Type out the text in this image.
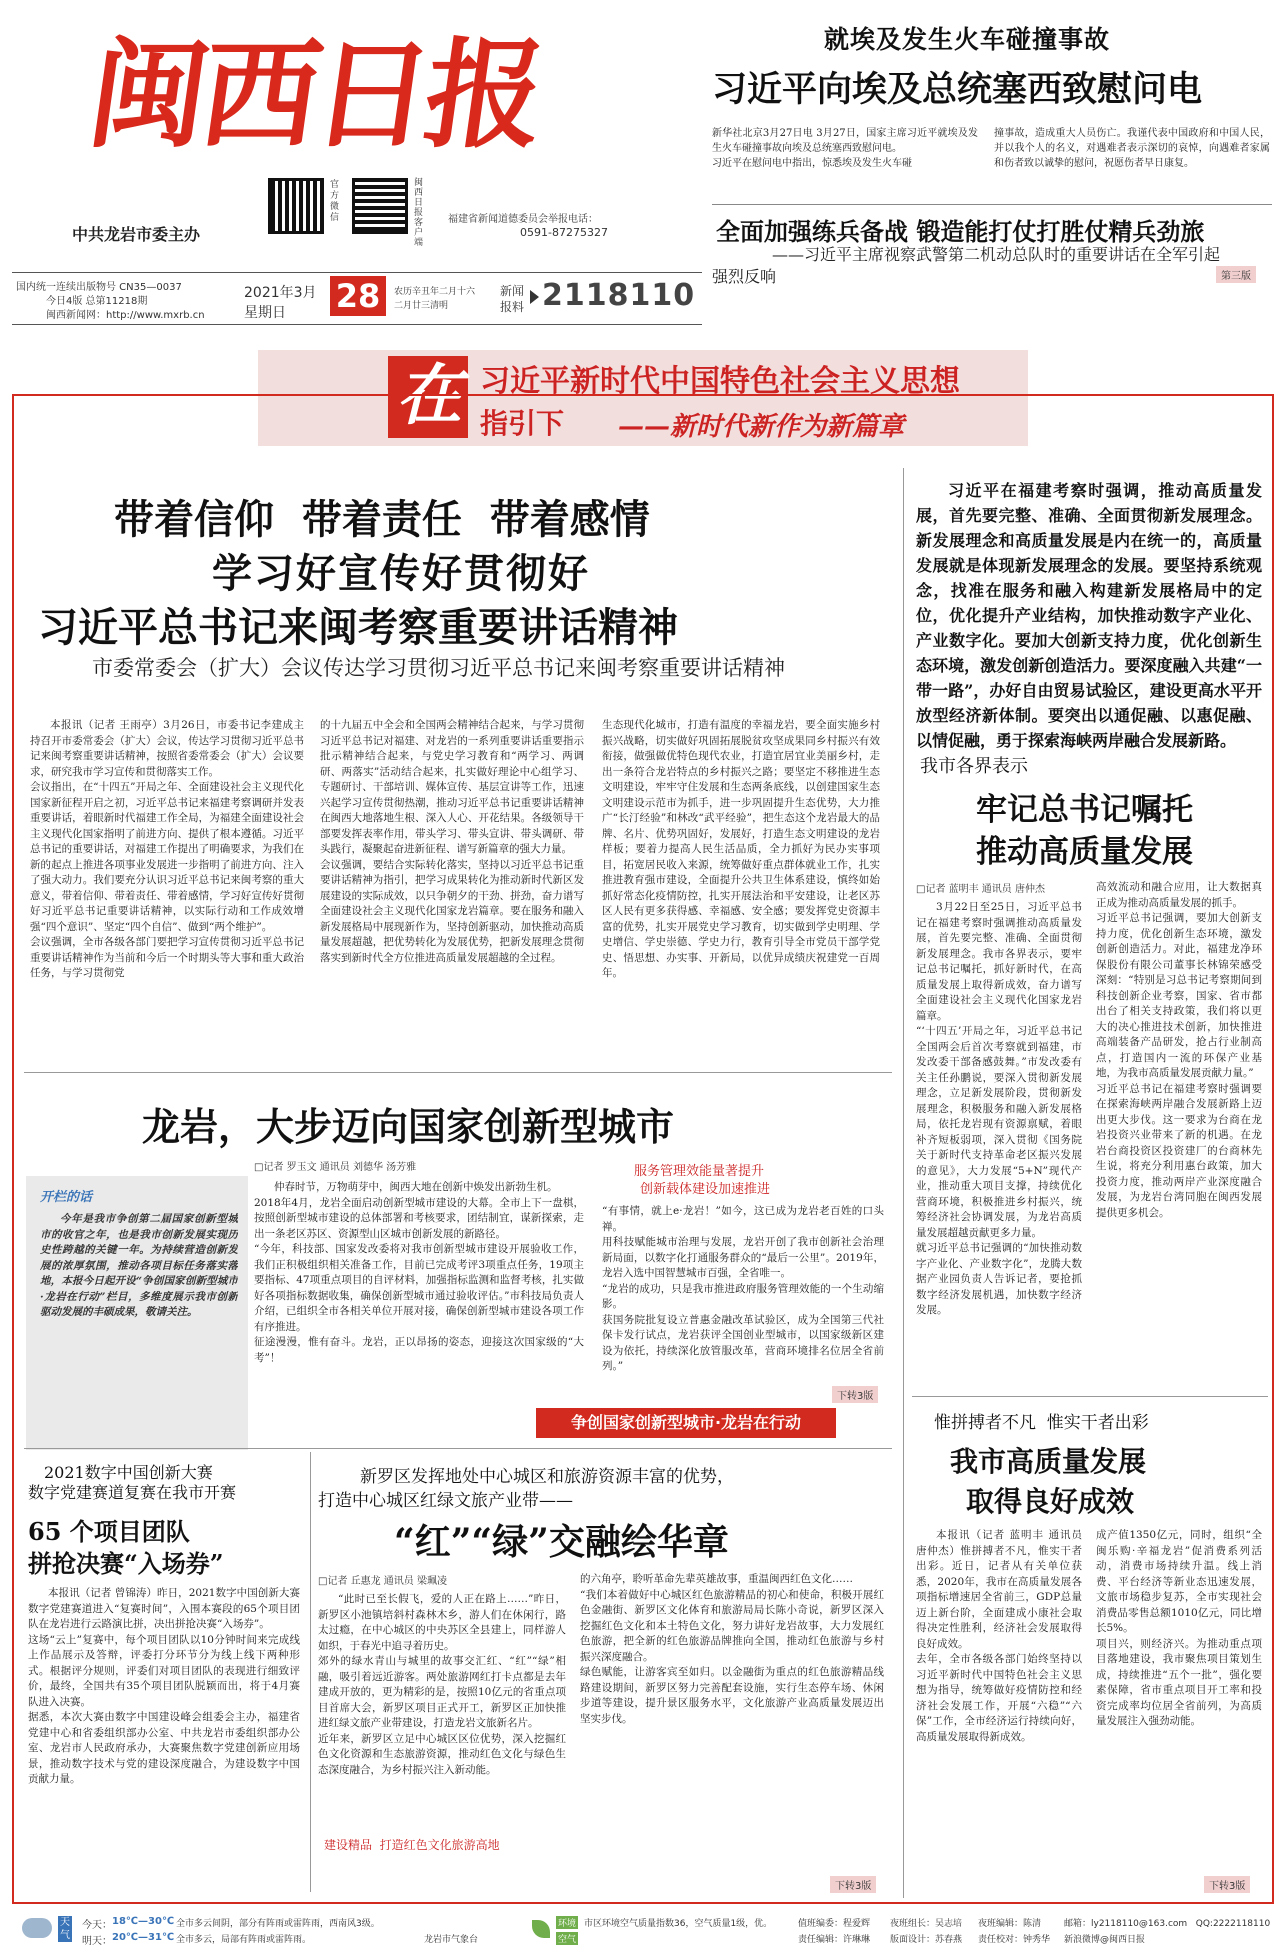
闽西日报
中共龙岩市委主办
官方微信
闽西日报客户端
福建省新闻道德委员会举报电话：
0591-87275327
就埃及发生火车碰撞事故
习近平向埃及总统塞西致慰问电
新华社北京3月27日电 3月27日，国家主席习近平就埃及发生火车碰撞事故向埃及总统塞西致慰问电。
习近平在慰问电中指出，惊悉埃及发生火车碰
撞事故，造成重大人员伤亡。我谨代表中国政府和中国人民，并以我个人的名义，对遇难者表示深切的哀悼，向遇难者家属和伤者致以诚挚的慰问，祝愿伤者早日康复。
全面加强练兵备战 锻造能打仗打胜仗精兵劲旅
——习近平主席视察武警第二机动总队时的重要讲话在全军引起强烈反响	第三版
国内统一连续出版物号 CN35—0037
今日4版 总第11218期
闽西新闻网：http://www.mxrb.cn
2021年3月
星期日 28	农历辛丑年二月十六
二月廿三清明
新闻
报料 2118110
在 习近平新时代中国特色社会主义思想
指引下 ——新时代新作为新篇章
带着信仰  带着责任  带着感情
学习好宣传好贯彻好
习近平总书记来闽考察重要讲话精神
市委常委会（扩大）会议传达学习贯彻习近平总书记来闽考察重要讲话精神
本报讯（记者 王雨亭）3月26日，市委书记李建成主持召开市委常委会（扩大）会议，传达学习贯彻习近平总书记来闽考察重要讲话精神，按照省委常委会（扩大）会议要求，研究我市学习宣传和贯彻落实工作。
会议指出，在“十四五”开局之年、全面建设社会主义现代化国家新征程开启之初，习近平总书记来福建考察调研并发表重要讲话，着眼新时代福建工作全局，为福建全面建设社会主义现代化国家指明了前进方向、提供了根本遵循。习近平总书记的重要讲话，对福建工作提出了明确要求，为我们在新的起点上推进各项事业发展进一步指明了前进方向、注入了强大动力。我们要充分认识习近平总书记来闽考察的重大意义，带着信仰、带着责任、带着感情，学习好宣传好贯彻好习近平总书记重要讲话精神，以实际行动和工作成效增强“四个意识”、坚定“四个自信”、做到“两个维护”。
会议强调，全市各级各部门要把学习宣传贯彻习近平总书记重要讲话精神作为当前和今后一个时期头等大事和重大政治任务，与学习贯彻党
的十九届五中全会和全国两会精神结合起来，与学习贯彻习近平总书记对福建、对龙岩的一系列重要讲话重要指示批示精神结合起来，与党史学习教育和“两学习、两调研、两落实”活动结合起来，扎实做好理论中心组学习、专题研讨、干部培训、媒体宣传、基层宣讲等工作，迅速兴起学习宣传贯彻热潮，推动习近平总书记重要讲话精神在闽西大地落地生根、深入人心、开花结果。各级领导干部要发挥表率作用，带头学习、带头宣讲、带头调研、带头践行，凝聚起奋进新征程、谱写新篇章的强大力量。
会议强调，要结合实际转化落实，坚持以习近平总书记重要讲话精神为指引，把学习成果转化为推动新时代新区发展建设的实际成效，以只争朝夕的干劲、拼劲，奋力谱写全面建设社会主义现代化国家龙岩篇章。要在服务和融入新发展格局中展现新作为，坚持创新驱动，加快推动高质量发展超越，把优势转化为发展优势，把新发展理念贯彻落实到新时代全方位推进高质量发展超越的全过程。
生态现代化城市，打造有温度的幸福龙岩，要全面实施乡村振兴战略，切实做好巩固拓展脱贫攻坚成果同乡村振兴有效衔接，做强做优特色现代农业，打造宜居宜业美丽乡村，走出一条符合龙岩特点的乡村振兴之路；要坚定不移推进生态文明建设，牢牢守住发展和生态两条底线，以创建国家生态文明建设示范市为抓手，进一步巩固提升生态优势，大力推广“长汀经验”和林改“武平经验”，把生态这个龙岩最大的品牌、名片、优势巩固好，发展好，打造生态文明建设的龙岩样板；要着力提高人民生活品质，全力抓好为民办实事项目，拓宽居民收入来源，统筹做好重点群体就业工作，扎实推进教育强市建设，全面提升公共卫生体系建设，慎终如始抓好常态化疫情防控，扎实开展法治和平安建设，让老区苏区人民有更多获得感、幸福感、安全感；要发挥党史资源丰富的优势，扎实开展党史学习教育，切实做到学史明理、学史增信、学史崇德、学史力行，教育引导全市党员干部学党史、悟思想、办实事、开新局，以优异成绩庆祝建党一百周年。
习近平在福建考察时强调，推动高质量发展，首先要完整、准确、全面贯彻新发展理念。新发展理念和高质量发展是内在统一的，高质量发展就是体现新发展理念的发展。要坚持系统观念，找准在服务和融入构建新发展格局中的定位，优化提升产业结构，加快推动数字产业化、产业数字化。要加大创新支持力度，优化创新生态环境，激发创新创造活力。要深度融入共建“一带一路”，办好自由贸易试验区，建设更高水平开放型经济新体制。要突出以通促融、以惠促融、以情促融，勇于探索海峡两岸融合发展新路。
我市各界表示
牢记总书记嘱托
推动高质量发展
□记者 蓝明丰 通讯员 唐仲杰
3月22日至25日，习近平总书记在福建考察时强调推动高质量发展，首先要完整、准确、全面贯彻新发展理念。我市各界表示，要牢记总书记嘱托，抓好新时代，在高质量发展上取得新成效，奋力谱写全面建设社会主义现代化国家龙岩篇章。
“‘十四五’开局之年，习近平总书记全国两会后首次考察就到福建，市发改委干部备感鼓舞。”市发改委有关主任孙鹏说，要深入贯彻新发展理念，立足新发展阶段，贯彻新发展理念，积极服务和融入新发展格局，依托龙岩现有资源禀赋，着眼补齐短板弱项，深入贯彻《国务院关于新时代支持革命老区振兴发展的意见》，大力发展“5+N”现代产业，推动重大项目支撑，持续优化营商环境，积极推进乡村振兴，统筹经济社会协调发展，为龙岩高质量发展超越贡献更多力量。
就习近平总书记强调的“加快推动数字产业化、产业数字化”，龙腾大数据产业园负责人告诉记者，要抢抓数字经济发展机遇，加快数字经济发展。
高效流动和融合应用，让大数据真正成为推动高质量发展的抓手。
习近平总书记强调，要加大创新支持力度，优化创新生态环境，激发创新创造活力。对此，福建龙净环保股份有限公司董事长林锦荣感受深刻：“特别是习总书记考察期间到科技创新企业考察，国家、省市都出台了相关支持政策，我们将以更大的决心推进技术创新，加快推进高端装备产品研发，抢占行业制高点，打造国内一流的环保产业基地，为我市高质量发展贡献力量。”
习近平总书记在福建考察时强调要在探索海峡两岸融合发展新路上迈出更大步伐。这一要求为台商在龙岩投资兴业带来了新的机遇。在龙岩台商投资区投资建厂的台商林先生说，将充分利用惠台政策，加大投资力度，推动两岸产业深度融合发展，为龙岩台湾同胞在闽西发展提供更多机会。
龙岩，大步迈向国家创新型城市
□记者 罗玉文 通讯员 刘德华 汤芳雅
仲春时节，万物萌芽中，闽西大地在创新中焕发出新勃生机。
2018年4月，龙岩全面启动创新型城市建设的大幕。全市上下一盘棋，按照创新型城市建设的总体部署和考核要求，团结制宜，谋新探索，走出一条老区苏区、资源型山区城市创新发展的新路径。
“今年，科技部、国家发改委将对我市创新型城市建设开展验收工作，我们正积极组织相关准备工作，目前已完成考评3项重点任务，19项主要指标、47项重点项目的自评材料，加强指标监测和监督考核，扎实做好各项指标数据收集，确保创新型城市通过验收评估。”市科技局负责人介绍，已组织全市各相关单位开展对接，确保创新型城市建设各项工作有序推进。
征途漫漫，惟有奋斗。龙岩，正以昂扬的姿态，迎接这次国家级的“大考”！
服务管理效能量著提升
创新载体建设加速推进
“有事情，就上e·龙岩！”如今，这已成为龙岩老百姓的口头禅。
用科技赋能城市治理与发展，龙岩开创了我市创新社会治理新局面，以数字化打通服务群众的“最后一公里”。2019年，龙岩入选中国智慧城市百强，全省唯一。
“龙岩的成功，只是我市推进政府服务管理效能的一个生动缩影。
获国务院批复设立普惠金融改革试验区，成为全国第三代社保卡发行试点，龙岩获评全国创业型城市，以国家级新区建设为依托，持续深化放管服改革，营商环境排名位居全省前列。”
下转3版
开栏的话
今年是我市争创第二届国家创新型城市的收官之年，也是我市创新发展实现历史性跨越的关键一年。为持续营造创新发展的浓厚氛围，推动各项目标任务落实落地，本报今日起开设“争创国家创新型城市·龙岩在行动”栏目，多维度展示我市创新驱动发展的丰硕成果，敬请关注。
争创国家创新型城市·龙岩在行动
2021数字中国创新大赛
数字党建赛道复赛在我市开赛
65 个项目团队
拼抢决赛“入场券”
本报讯（记者 曾锦涛）昨日，2021数字中国创新大赛数字党建赛道进入“复赛时间”，入围本赛段的65个项目团队在龙岩进行云路演比拼，决出拼抢决赛“入场券”。
这场“云上”复赛中，每个项目团队以10分钟时间来完成线上作品展示及答辩，评委打分环节分为线上线下两种形式。根据评分规则，评委们对项目团队的表现进行细致评价，最终，全国共有35个项目团队脱颖而出，将于4月赛队进入决赛。
据悉，本次大赛由数字中国建设峰会组委会主办，福建省党建中心和省委组织部办公室、中共龙岩市委组织部办公室、龙岩市人民政府承办，大赛聚焦数字党建创新应用场景，推动数字技术与党的建设深度融合，为建设数字中国贡献力量。
新罗区发挥地处中心城区和旅游资源丰富的优势，
打造中心城区红绿文旅产业带——
“红”“绿”交融绘华章
□记者 丘惠龙 通讯员 梁珮凌
“此时已至长假飞，爱的人正在路上……”昨日，新罗区小池镇培斜村森林木乡，游人们在休闲行，路太过瘾，在中心城区的中央苏区全县建上，同样游人如织，于春光中追寻着历史。
郊外的绿水青山与城里的故事交汇红、“红”“绿”相融，吸引着远近游客。两处旅游网红打卡点都是去年建成开放的，更为精彩的是，按照10亿元的省重点项目首席大会，新罗区项目正式开工，新罗区正加快推进红绿文旅产业带建设，打造龙岩文旅新名片。
近年来，新罗区立足中心城区区位优势，深入挖掘红色文化资源和生态旅游资源，推动红色文化与绿色生态深度融合，为乡村振兴注入新动能。
建设精品  打造红色文化旅游高地
的六角亭，聆听革命先辈英雄故事，重温闽西红色文化……
“我们本着做好中心城区红色旅游精品的初心和使命，积极开展红色金融街、新罗区文化体育和旅游局局长陈小奇说，新罗区深入挖掘红色文化和本土特色文化，努力讲好龙岩故事，大力发展红色旅游，把全新的红色旅游品牌推向全国，推动红色旅游与乡村振兴深度融合。
绿色赋能，让游客宾至如归。以金融街为重点的红色旅游精品线路建设期间，新罗区努力完善配套设施，实行生态停车场、休闲步道等建设，提升景区服务水平，文化旅游产业高质量发展迈出坚实步伐。
下转3版
惟拼搏者不凡  惟实干者出彩
我市高质量发展
取得良好成效
本报讯（记者 蓝明丰 通讯员 唐仲杰）惟拼搏者不凡，惟实干者出彩。近日，记者从有关单位获悉，2020年，我市在高质量发展各项指标增速居全省前三，GDP总量迈上新台阶，全面建成小康社会取得决定性胜利，经济社会发展取得良好成效。
去年，全市各级各部门始终坚持以习近平新时代中国特色社会主义思想为指导，统筹做好疫情防控和经济社会发展工作，开展“六稳”“六保”工作，全市经济运行持续向好，高质量发展取得新成效。
成产值1350亿元，同时，组织“全闽乐购·辛福龙岩”促消费系列活动，消费市场持续升温。线上消费、平台经济等新业态迅速发展，文旅市场稳步复苏，全市实现社会消费品零售总额1010亿元，同比增长5%。
项目兴，则经济兴。为推动重点项目落地建设，我市聚焦项目策划生成，持续推进“五个一批”，强化要素保障，省市重点项目开工率和投资完成率均位居全省前列，为高质量发展注入强劲动能。
下转3版
天气
今天： 18℃—30℃ 全市多云间阴，部分有阵雨或雷阵雨，西南风3级。
明天： 20℃—31℃ 全市多云，局部有阵雨或雷阵雨。	龙岩市气象台
环境
空气
市区环境空气质量指数36，空气质量1级，优。	值班编委：程爱辉
责任编辑：许琳琳
夜班组长：吴志培
版面设计：苏春燕
夜班编辑：陈清
责任校对：钟秀华
邮箱：ly2118110@163.com   QQ:2222118110
新浪微博@闽西日报
